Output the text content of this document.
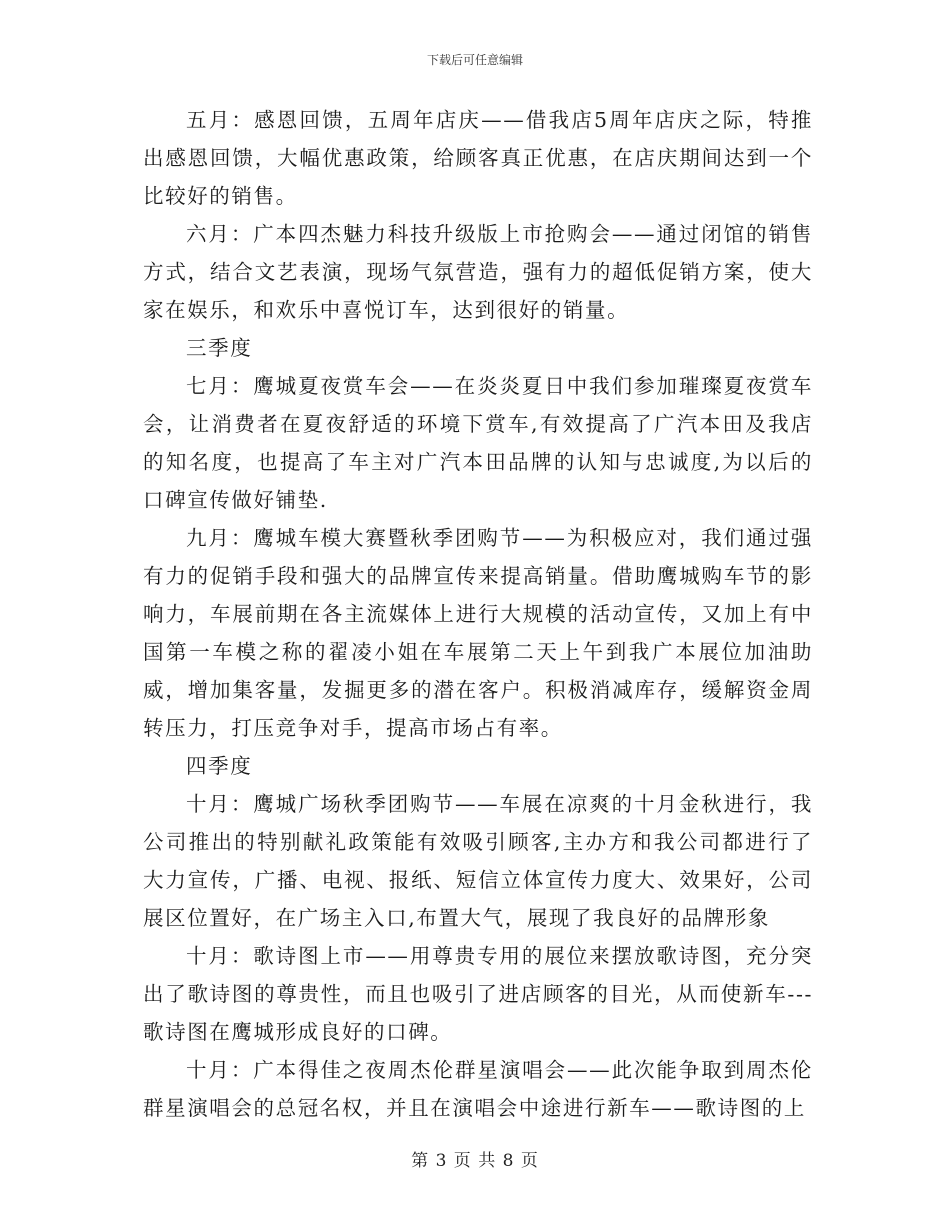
下载后可任意编辑

五月：感恩回馈，五周年店庆——借我店5周年店庆之际，特推出感恩回馈，大幅优惠政策，给顾客真正优惠，在店庆期间达到一个比较好的销售。

六月：广本四杰魅力科技升级版上市抢购会——通过闭馆的销售方式，结合文艺表演，现场气氛营造，强有力的超低促销方案，使大家在娱乐，和欢乐中喜悦订车，达到很好的销量。

三季度

七月：鹰城夏夜赏车会——在炎炎夏日中我们参加璀璨夏夜赏车会，让消费者在夏夜舒适的环境下赏车,有效提高了广汽本田及我店的知名度，也提高了车主对广汽本田品牌的认知与忠诚度,为以后的口碑宣传做好铺垫.

九月：鹰城车模大赛暨秋季团购节——为积极应对，我们通过强有力的促销手段和强大的品牌宣传来提高销量。借助鹰城购车节的影响力，车展前期在各主流媒体上进行大规模的活动宣传，又加上有中国第一车模之称的翟凌小姐在车展第二天上午到我广本展位加油助威，增加集客量，发掘更多的潜在客户。积极消减库存，缓解资金周转压力，打压竞争对手，提高市场占有率。

四季度

十月：鹰城广场秋季团购节——车展在凉爽的十月金秋进行，我公司推出的特别献礼政策能有效吸引顾客,主办方和我公司都进行了大力宣传，广播、电视、报纸、短信立体宣传力度大、效果好，公司展区位置好，在广场主入口,布置大气，展现了我良好的品牌形象

十月：歌诗图上市——用尊贵专用的展位来摆放歌诗图，充分突出了歌诗图的尊贵性，而且也吸引了进店顾客的目光，从而使新车---歌诗图在鹰城形成良好的口碑。

十月：广本得佳之夜周杰伦群星演唱会——此次能争取到周杰伦群星演唱会的总冠名权，并且在演唱会中途进行新车——歌诗图的上

第 3 页 共 8 页
